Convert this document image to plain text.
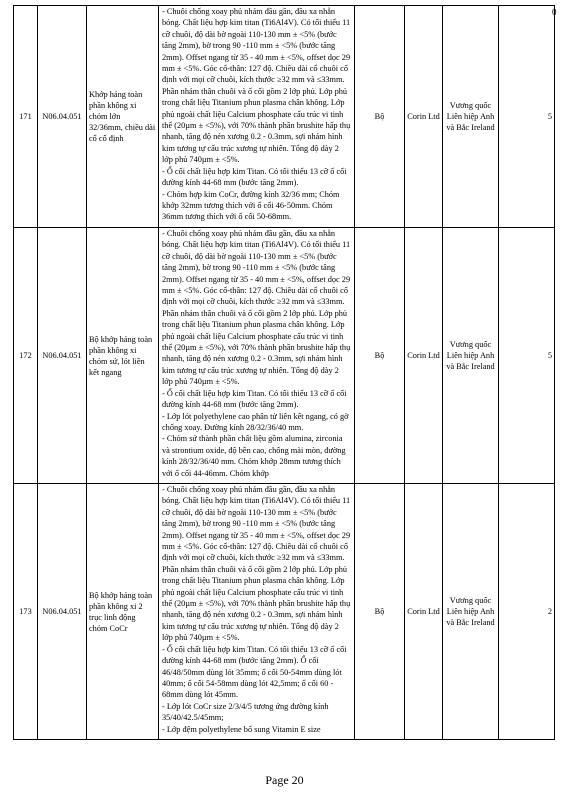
0
171	N06.04.051	Khớp háng toàn phần không xi chỏm lớn 32/36mm, chiều dài cổ cố định	- Chuôi chống xoay phủ nhám đầu gần, đầu xa nhẵn bóng. Chất liệu hợp kim titan (Ti6Al4V). Có tối thiểu 11 cỡ chuôi, độ dài bờ ngoài 110-130 mm ± <5% (bước tăng 2mm), bờ trong 90 -110 mm ± <5% (bước tăng 2mm). Offset ngang từ 35 - 40 mm ± <5%, offset dọc 29 mm ± <5%. Góc cổ-thân: 127 độ. Chiều dài cổ chuôi cố định với mọi cỡ chuôi, kích thước ≥32 mm và ≤33mm. Phần nhám thân chuôi và ổ cối gồm 2 lớp phủ. Lớp phủ trong chất liệu Titanium phun plasma chân không. Lớp phủ ngoài chất liệu Calcium phosphate cấu trúc vi tinh thể (20µm ± <5%), với 70% thành phần brushite hấp thụ nhanh, tăng độ nén xương 0.2 - 0.3mm, sợi nhám hình kim tương tự cấu trúc xương tự nhiên. Tổng độ dày 2 lớp phủ 740µm ± <5%.
- Ổ cối chất liệu hợp kim Titan. Có tối thiểu 13 cỡ ổ cối đường kính 44-68 mm (bước tăng 2mm).
- Chỏm hợp kim CoCr, đường kính 32/36 mm; Chỏm khớp 32mm tương thích với ổ cối 46-50mm. Chỏm 36mm tương thích với ổ cối 50-68mm.	Bộ	Corin Ltd	Vương quốc Liên hiệp Anh và Bắc Ireland	5
172	N06.04.051	Bộ khớp háng toàn phần không xi chỏm sứ, lót liền kết ngang	- Chuôi chống xoay phủ nhám đầu gần, đầu xa nhẵn bóng. Chất liệu hợp kim titan (Ti6Al4V). Có tối thiểu 11 cỡ chuôi, độ dài bờ ngoài 110-130 mm ± <5% (bước tăng 2mm), bờ trong 90 -110 mm ± <5% (bước tăng 2mm). Offset ngang từ 35 - 40 mm ± <5%, offset dọc 29 mm ± <5%. Góc cổ-thân: 127 độ. Chiều dài cổ chuôi cố định với mọi cỡ chuôi, kích thước ≥32 mm và ≤33mm. Phần nhám thân chuôi và ổ cối gồm 2 lớp phủ. Lớp phủ trong chất liệu Titanium phun plasma chân không. Lớp phủ ngoài chất liệu Calcium phosphate cấu trúc vi tinh thể (20µm ± <5%), với 70% thành phần brushite hấp thụ nhanh, tăng độ nén xương 0.2 - 0.3mm, sợi nhám hình kim tương tự cấu trúc xương tự nhiên. Tổng độ dày 2 lớp phủ 740µm ± <5%.
- Ổ cối chất liệu hợp kim Titan. Có tối thiểu 13 cỡ ổ cối đường kính 44-68 mm (bước tăng 2mm).
- Lớp lót polyethylene cao phân tử liên kết ngang, có gờ chống xoay. Đường kính 28/32/36/40 mm.
- Chỏm sứ thành phần chất liệu gồm alumina, zirconia và strontium oxide, độ bền cao, chống mài mòn, đường kính 28/32/36/40 mm. Chỏm khớp 28mm tương thích với ổ cối 44-46mm. Chỏm khớp	Bộ	Corin Ltd	Vương quốc Liên hiệp Anh và Bắc Ireland	5
173	N06.04.051	Bộ khớp háng toàn phần không xi 2 trục linh động chỏm CoCr	- Chuôi chống xoay phủ nhám đầu gần, đầu xa nhẵn bóng. Chất liệu hợp kim titan (Ti6Al4V). Có tối thiểu 11 cỡ chuôi, độ dài bờ ngoài 110-130 mm ± <5% (bước tăng 2mm), bờ trong 90 -110 mm ± <5% (bước tăng 2mm). Offset ngang từ 35 - 40 mm ± <5%, offset dọc 29 mm ± <5%. Góc cổ-thân: 127 độ. Chiều dài cổ chuôi cố định với mọi cỡ chuôi, kích thước ≥32 mm và ≤33mm. Phần nhám thân chuôi và ổ cối gồm 2 lớp phủ. Lớp phủ trong chất liệu Titanium phun plasma chân không. Lớp phủ ngoài chất liệu Calcium phosphate cấu trúc vi tinh thể (20µm ± <5%), với 70% thành phần brushite hấp thụ nhanh, tăng độ nén xương 0.2 - 0.3mm, sợi nhám hình kim tương tự cấu trúc xương tự nhiên. Tổng độ dày 2 lớp phủ 740µm ± <5%.
- Ổ cối chất liệu hợp kim Titan. Có tối thiểu 13 cỡ ổ cối đường kính 44-68 mm (bước tăng 2mm). Ổ cối 46/48/50mm dùng lót 35mm; ổ cối 50-54mm dùng lót 40mm; ổ cối 54-58mm dùng lót 42,5mm; ổ cối 60 - 68mm dùng lót 45mm.
- Lớp lót CoCr size 2/3/4/5 tương ứng đường kính 35/40/42.5/45mm;
- Lớp đệm polyethylene bổ sung Vitamin E size	Bộ	Corin Ltd	Vương quốc Liên hiệp Anh và Bắc Ireland	2
Page 20
